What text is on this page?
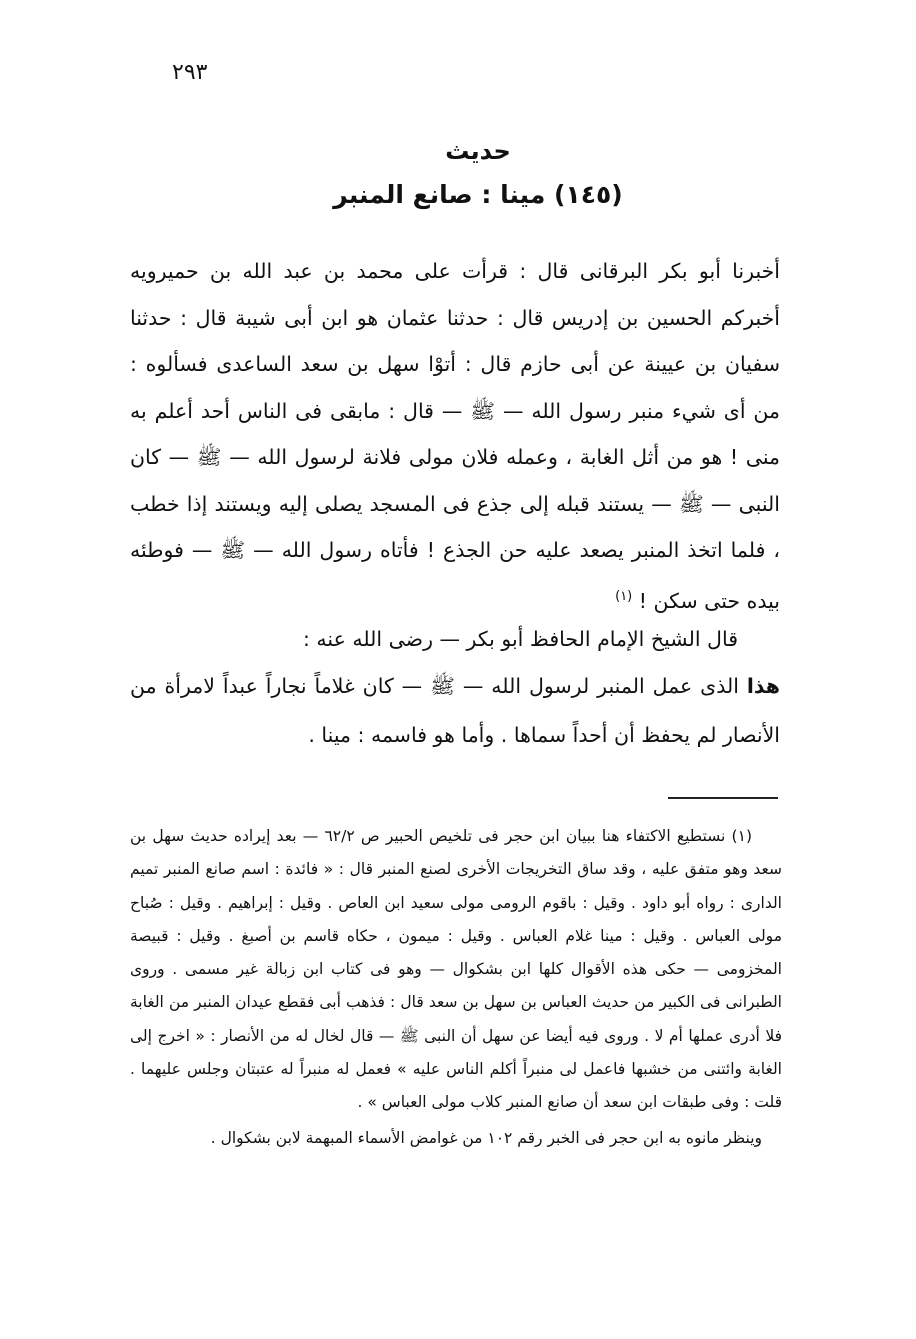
٢٩٣
حديث
(١٤٥) مينا : صانع المنبر

أخبرنا أبو بكر البرقانى قال : قرأت على محمد بن عبد الله بن حميرويه أخبركم الحسين بن إدريس قال : حدثنا عثمان هو ابن أبى شيبة قال : حدثنا سفيان بن عيينة عن أبى حازم قال : أتوْا سهل بن سعد الساعدى فسألوه : من أى شيء منبر رسول الله — ﷺ — قال : مابقى فى الناس أحد أعلم به منى ! هو من أثل الغابة ، وعمله فلان مولى فلانة لرسول الله — ﷺ — كان النبى — ﷺ — يستند قبله إلى جذع فى المسجد يصلى إليه ويستند إذا خطب ، فلما اتخذ المنبر يصعد عليه حن الجذع ! فأتاه رسول الله — ﷺ — فوطئه بيده حتى سكن ! $^{(١)}$

قال الشيخ الإمام الحافظ أبو بكر — رضى الله عنه :

هذا الذى عمل المنبر لرسول الله — ﷺ — كان غلاماً نجاراً عبداً لامرأة من الأنصار لم يحفظ أن أحداً سماها . وأما هو فاسمه : مينا .

(١) نستطيع الاكتفاء هنا ببيان ابن حجر فى تلخيص الحبير ص ٦٢/٢ — بعد إيراده حديث سهل بن سعد وهو متفق عليه ، وقد ساق التخريجات الأخرى لصنع المنبر قال : « فائدة : اسم صانع المنبر تميم الدارى : رواه أبو داود . وقيل : باقوم الرومى مولى سعيد ابن العاص . وقيل : إبراهيم . وقيل : صُباح مولى العباس . وقيل : مينا غلام العباس . وقيل : ميمون ، حكاه قاسم بن أصبغ . وقيل : قبيصة المخزومى — حكى هذه الأقوال كلها ابن بشكوال — وهو فى كتاب ابن زبالة غير مسمى . وروى الطبرانى فى الكبير من حديث العباس بن سهل بن سعد قال : فذهب أبى فقطع عيدان المنبر من الغابة فلا أدرى عملها أم لا . وروى فيه أيضا عن سهل أن النبى ﷺ — قال لخال له من الأنصار : « اخرج إلى الغابة وائتنى من خشبها فاعمل لى منبراً أكلم الناس عليه » فعمل له منبراً له عتبتان وجلس عليهما . قلت : وفى طبقات ابن سعد أن صانع المنبر كلاب مولى العباس » .

وينظر مانوه به ابن حجر فى الخبر رقم ١٠٢ من غوامض الأسماء المبهمة لابن بشكوال .
